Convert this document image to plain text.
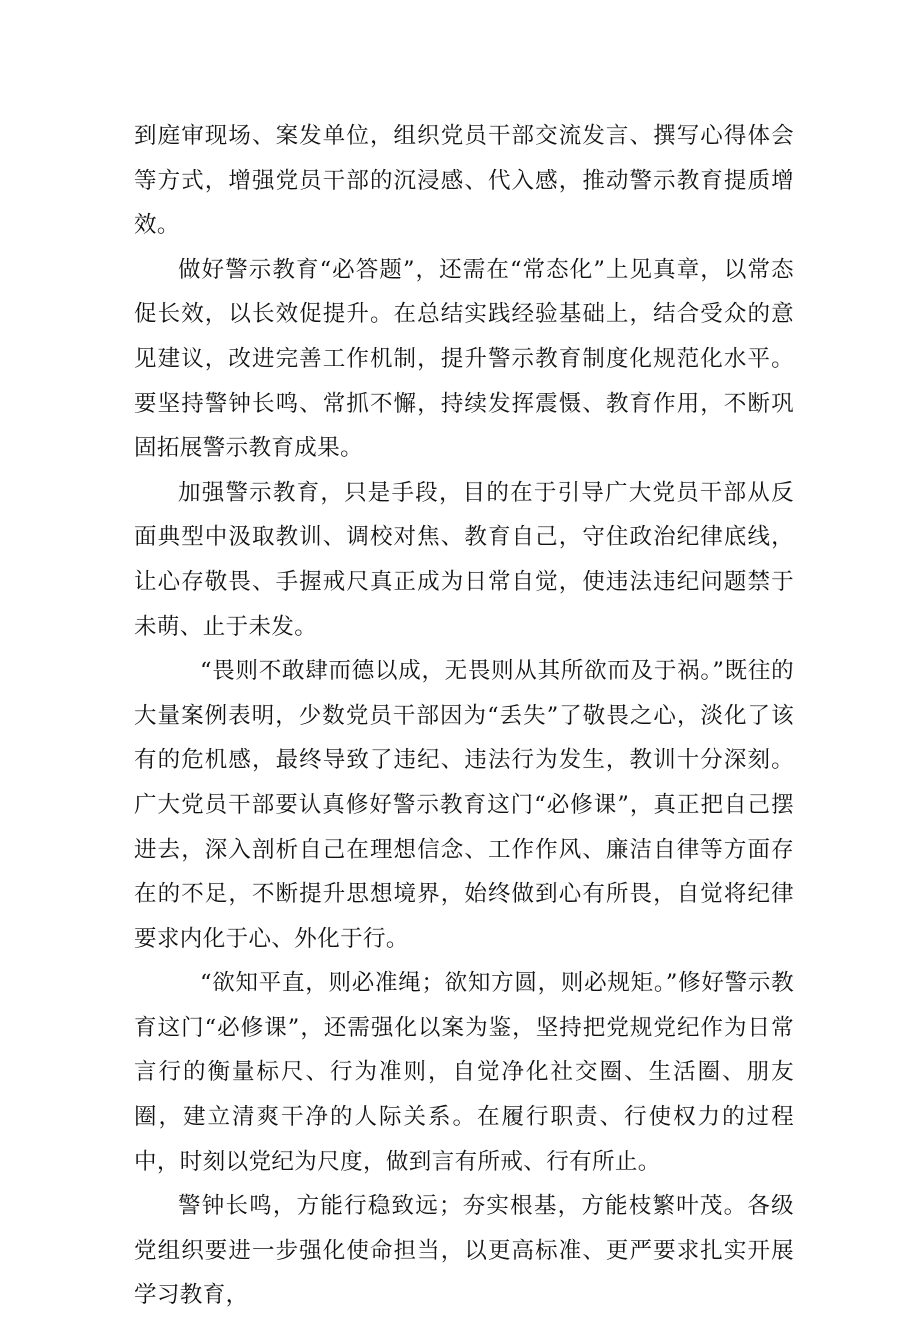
到庭审现场、案发单位，组织党员干部交流发言、撰写心得体会等方式，增强党员干部的沉浸感、代入感，推动警示教育提质增效。

做好警示教育“必答题”，还需在“常态化”上见真章，以常态促长效，以长效促提升。在总结实践经验基础上，结合受众的意见建议，改进完善工作机制，提升警示教育制度化规范化水平。要坚持警钟长鸣、常抓不懈，持续发挥震慑、教育作用，不断巩固拓展警示教育成果。

加强警示教育，只是手段，目的在于引导广大党员干部从反面典型中汲取教训、调校对焦、教育自己，守住政治纪律底线，让心存敬畏、手握戒尺真正成为日常自觉，使违法违纪问题禁于未萌、止于未发。

“畏则不敢肆而德以成，无畏则从其所欲而及于祸。”既往的大量案例表明，少数党员干部因为“丢失”了敬畏之心，淡化了该有的危机感，最终导致了违纪、违法行为发生，教训十分深刻。广大党员干部要认真修好警示教育这门“必修课”，真正把自己摆进去，深入剖析自己在理想信念、工作作风、廉洁自律等方面存在的不足，不断提升思想境界，始终做到心有所畏，自觉将纪律要求内化于心、外化于行。

“欲知平直，则必准绳；欲知方圆，则必规矩。”修好警示教育这门“必修课”，还需强化以案为鉴，坚持把党规党纪作为日常言行的衡量标尺、行为准则，自觉净化社交圈、生活圈、朋友圈，建立清爽干净的人际关系。在履行职责、行使权力的过程中，时刻以党纪为尺度，做到言有所戒、行有所止。

警钟长鸣，方能行稳致远；夯实根基，方能枝繁叶茂。各级党组织要进一步强化使命担当，以更高标准、更严要求扎实开展学习教育，
